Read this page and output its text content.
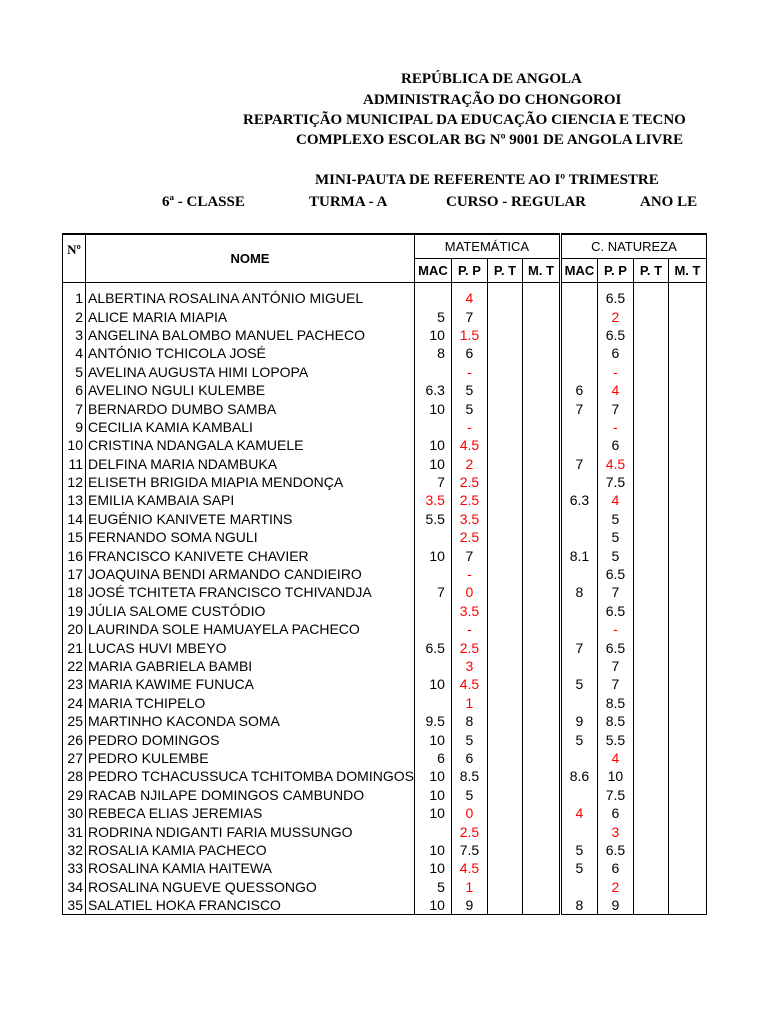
REPÚBLICA DE ANGOLA
ADMINISTRAÇÃO DO CHONGOROI
REPARTIÇÃO MUNICIPAL DA EDUCAÇÃO CIENCIA E TECNO
COMPLEXO ESCOLAR BG Nº 9001 DE ANGOLA LIVRE
MINI-PAUTA DE REFERENTE AO Iº TRIMESTRE
6ª - CLASSE	TURMA - A	CURSO - REGULAR	ANO LE
Nº	NOME	MATEMÁTICA				C. NATUREZA			
		MAC	P. P	P. T	M. T	MAC	P. P	P. T	M. T
1	ALBERTINA ROSALINA ANTÓNIO MIGUEL		4				6.5		
2	ALICE MARIA MIAPIA	5	7				2		
3	ANGELINA BALOMBO MANUEL PACHECO	10	1.5				6.5		
4	ANTÓNIO TCHICOLA JOSÉ	8	6				6		
5	AVELINA AUGUSTA HIMI LOPOPA		-				-		
6	AVELINO NGULI KULEMBE	6.3	5			6	4		
7	BERNARDO DUMBO SAMBA	10	5			7	7		
9	CECILIA KAMIA KAMBALI		-				-		
10	CRISTINA NDANGALA KAMUELE	10	4.5				6		
11	DELFINA MARIA NDAMBUKA	10	2			7	4.5		
12	ELISETH BRIGIDA MIAPIA MENDONÇA	7	2.5				7.5		
13	EMILIA KAMBAIA SAPI	3.5	2.5			6.3	4		
14	EUGÉNIO KANIVETE MARTINS	5.5	3.5				5		
15	FERNANDO SOMA NGULI		2.5				5		
16	FRANCISCO KANIVETE CHAVIER	10	7			8.1	5		
17	JOAQUINA BENDI ARMANDO CANDIEIRO		-				6.5		
18	JOSÉ TCHITETA FRANCISCO TCHIVANDJA	7	0			8	7		
19	JÚLIA SALOME CUSTÓDIO		3.5				6.5		
20	LAURINDA SOLE HAMUAYELA PACHECO		-				-		
21	LUCAS HUVI MBEYO	6.5	2.5			7	6.5		
22	MARIA GABRIELA BAMBI		3				7		
23	MARIA KAWIME FUNUCA	10	4.5			5	7		
24	MARIA TCHIPELO		1				8.5		
25	MARTINHO KACONDA SOMA	9.5	8			9	8.5		
26	PEDRO DOMINGOS	10	5			5	5.5		
27	PEDRO KULEMBE	6	6				4		
28	PEDRO TCHACUSSUCA TCHITOMBA DOMINGOS	10	8.5			8.6	10		
29	RACAB NJILAPE DOMINGOS CAMBUNDO	10	5				7.5		
30	REBECA ELIAS JEREMIAS	10	0			4	6		
31	RODRINA NDIGANTI FARIA MUSSUNGO		2.5				3		
32	ROSALIA KAMIA PACHECO	10	7.5			5	6.5		
33	ROSALINA KAMIA HAITEWA	10	4.5			5	6		
34	ROSALINA NGUEVE QUESSONGO	5	1				2		
35	SALATIEL HOKA FRANCISCO	10	9			8	9		
